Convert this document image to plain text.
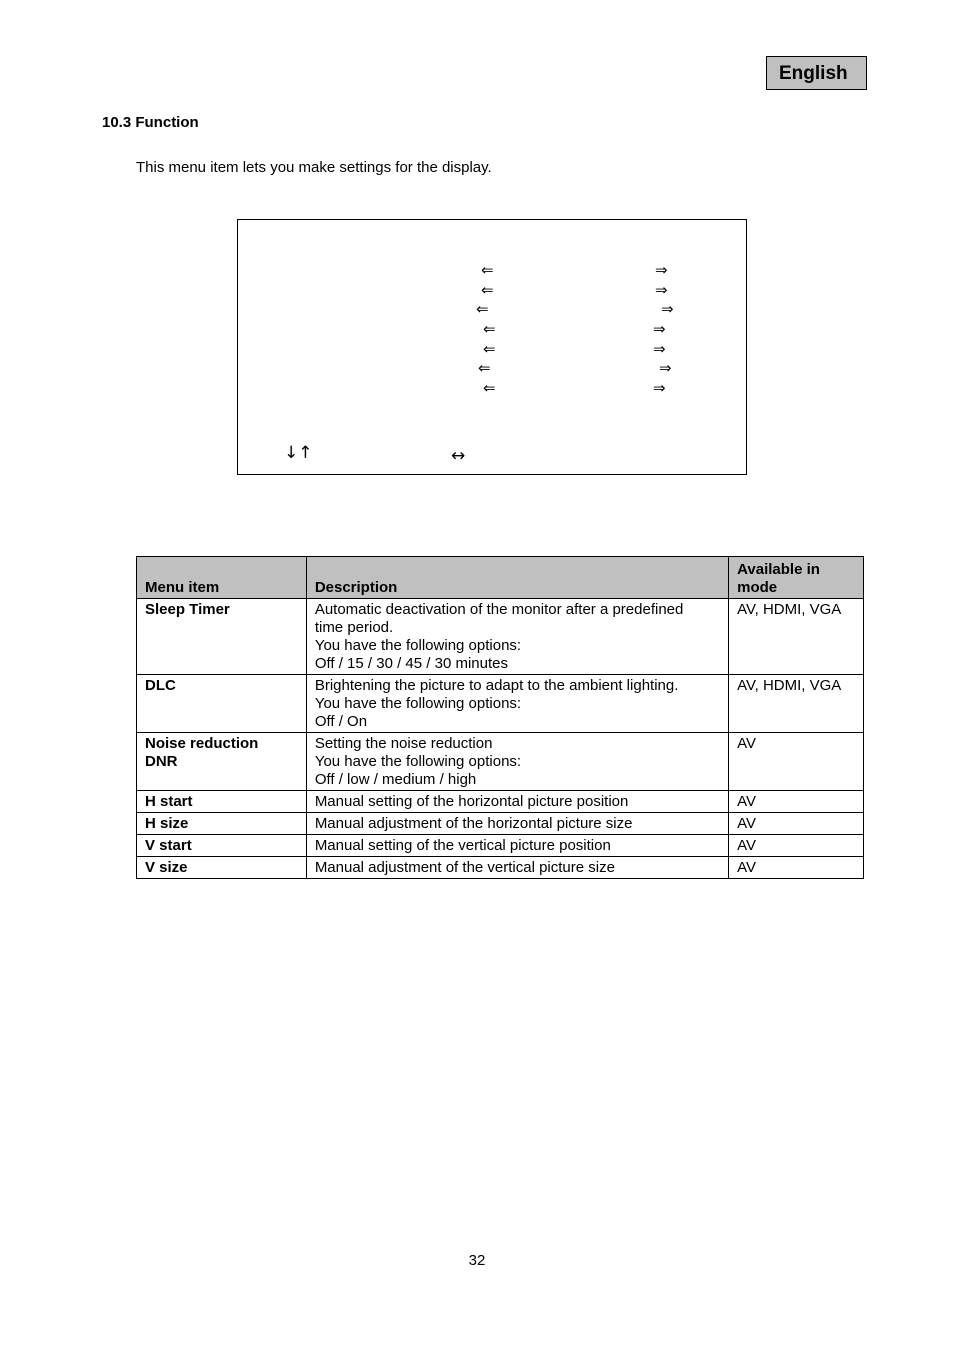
English
10.3 Function
This menu item lets you make settings for the display.
⇐	⇒
⇐	⇒
⇐	⇒
⇐	⇒
⇐	⇒
⇐	⇒
⇐	⇒
↓↑	↔
Menu item	Description	Available in
mode

Sleep Timer	Automatic deactivation of the monitor after a predefined
time period.
You have the following options:
Off / 15 / 30 / 45 / 30 minutes	AV, HDMI, VGA

DLC	Brightening the picture to adapt to the ambient lighting.
You have the following options:
Off / On	AV, HDMI, VGA

Noise reduction
DNR	Setting the noise reduction
You have the following options:
Off / low / medium / high	AV

H start	Manual setting of the horizontal picture position	AV

H size	Manual adjustment of the horizontal picture size	AV

V start	Manual setting of the vertical picture position	AV

V size	Manual adjustment of the vertical picture size	AV
32
